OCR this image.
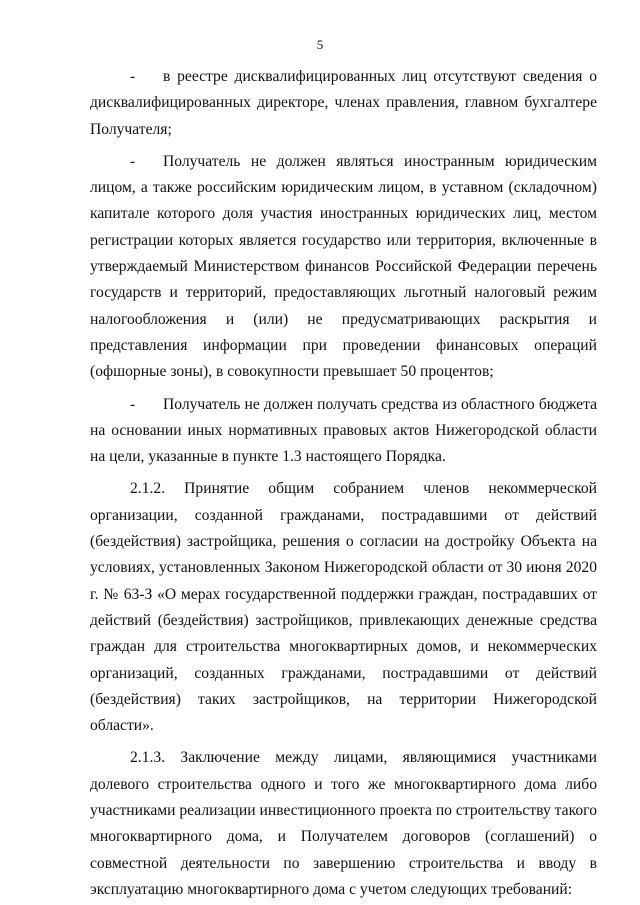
5

- в реестре дисквалифицированных лиц отсутствуют сведения о дисквалифицированных директоре, членах правления, главном бухгалтере Получателя;

- Получатель не должен являться иностранным юридическим лицом, а также российским юридическим лицом, в уставном (складочном) капитале которого доля участия иностранных юридических лиц, местом регистрации которых является государство или территория, включенные в утверждаемый Министерством финансов Российской Федерации перечень государств и территорий, предоставляющих льготный налоговый режим налогообложения и (или) не предусматривающих раскрытия и представления информации при проведении финансовых операций (офшорные зоны), в совокупности превышает 50 процентов;

- Получатель не должен получать средства из областного бюджета на основании иных нормативных правовых актов Нижегородской области на цели, указанные в пункте 1.3 настоящего Порядка.

2.1.2. Принятие общим собранием членов некоммерческой организации, созданной гражданами, пострадавшими от действий (бездействия) застройщика, решения о согласии на достройку Объекта на условиях, установленных Законом Нижегородской области от 30 июня 2020 г. № 63-З «О мерах государственной поддержки граждан, пострадавших от действий (бездействия) застройщиков, привлекающих денежные средства граждан для строительства многоквартирных домов, и некоммерческих организаций, созданных гражданами, пострадавшими от действий (бездействия) таких застройщиков, на территории Нижегородской области».

2.1.3. Заключение между лицами, являющимися участниками долевого строительства одного и того же многоквартирного дома либо участниками реализации инвестиционного проекта по строительству такого многоквартирного дома, и Получателем договоров (соглашений) о совместной деятельности по завершению строительства и вводу в эксплуатацию многоквартирного дома с учетом следующих требований:
